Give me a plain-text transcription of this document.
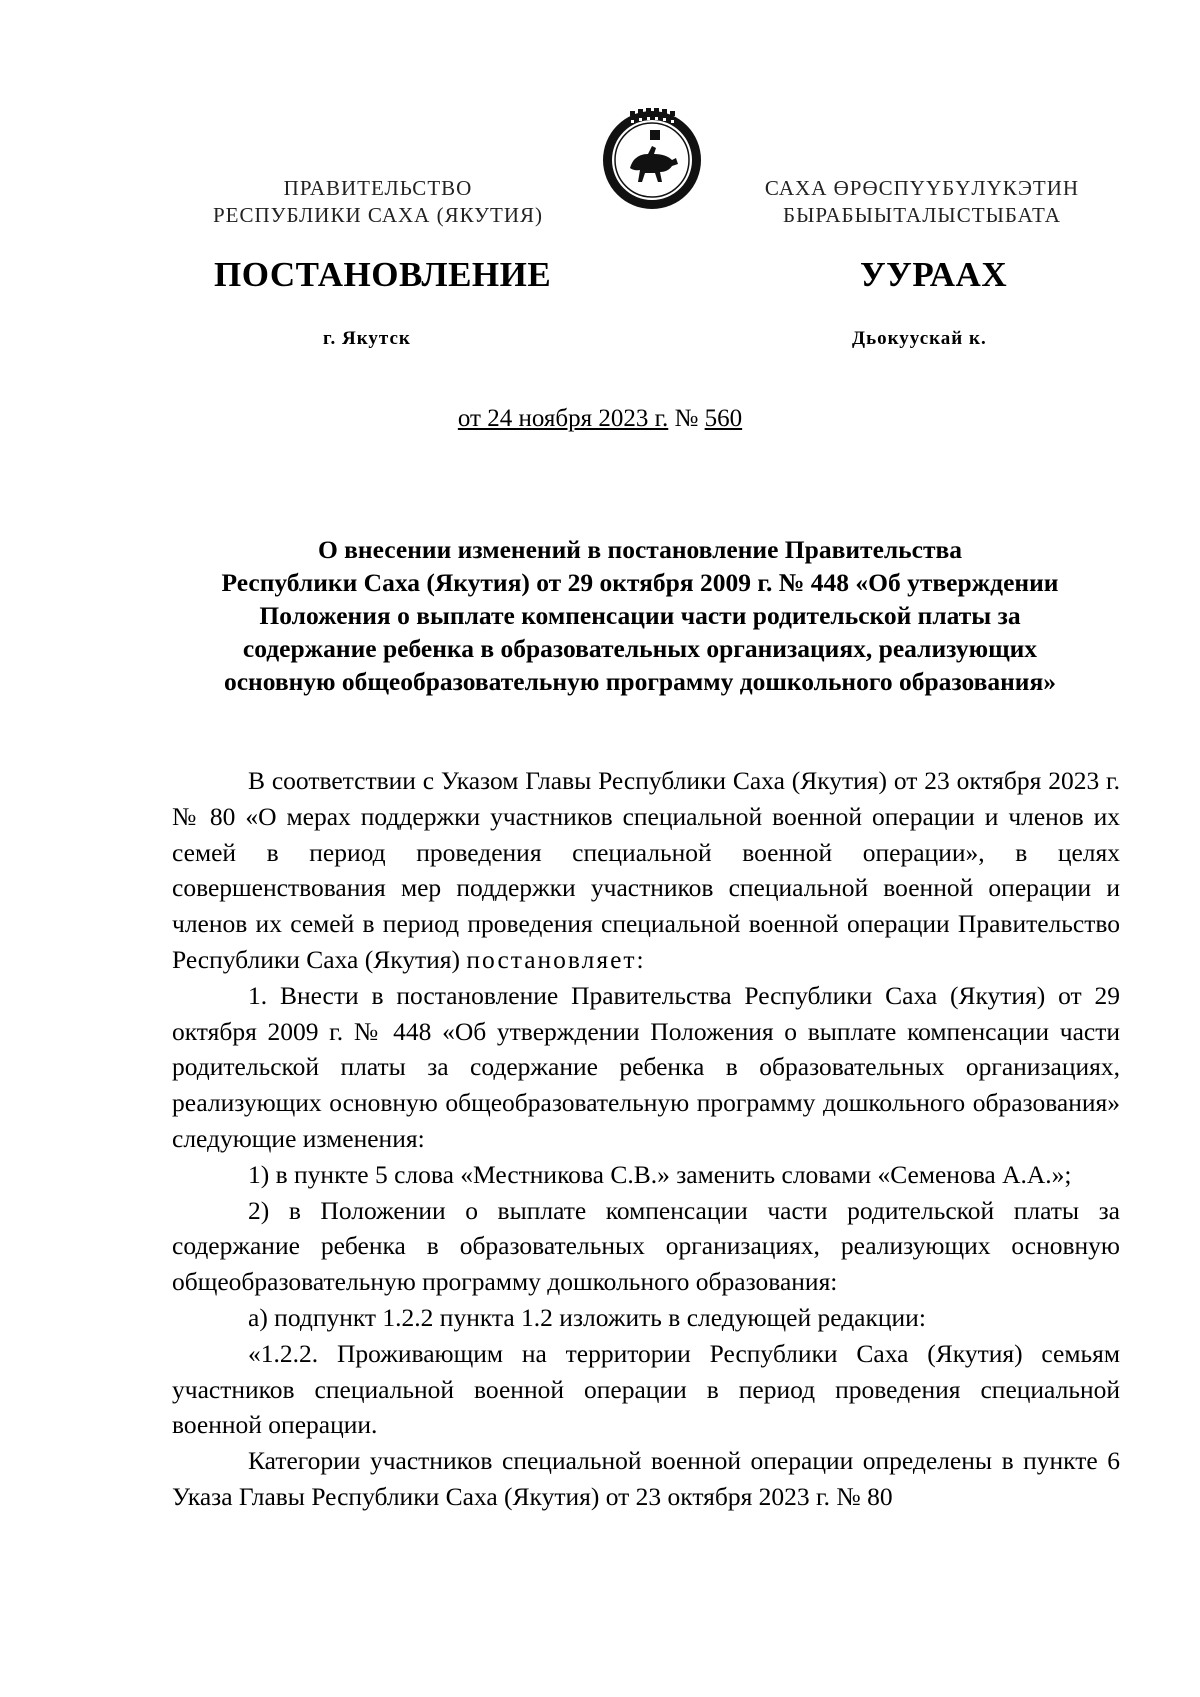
ПРАВИТЕЛЬСТВО
РЕСПУБЛИКИ САХА (ЯКУТИЯ)
САХА ӨРӨСПҮҮБҮЛҮКЭТИН
БЫРАБЫЫТАЛЫСТЫБАТА
ПОСТАНОВЛЕНИЕ	УУРААХ
г. Якутск	Дьокуускай к.
от 24 ноября 2023 г. № 560
О внесении изменений в постановление Правительства
Республики Саха (Якутия) от 29 октября 2009 г. № 448 «Об утверждении
Положения о выплате компенсации части родительской платы за
содержание ребенка в образовательных организациях, реализующих
основную общеобразовательную программу дошкольного образования»

В соответствии с Указом Главы Республики Саха (Якутия) от 23 октября 2023 г. № 80 «О мерах поддержки участников специальной военной операции и членов их семей в период проведения специальной военной операции», в целях совершенствования мер поддержки участников специальной военной операции и членов их семей в период проведения специальной военной операции Правительство Республики Саха (Якутия) постановляет:

1. Внести в постановление Правительства Республики Саха (Якутия) от 29 октября 2009 г. № 448 «Об утверждении Положения о выплате компенсации части родительской платы за содержание ребенка в образовательных организациях, реализующих основную общеобразовательную программу дошкольного образования» следующие изменения:

1) в пункте 5 слова «Местникова С.В.» заменить словами «Семенова А.А.»;

2) в Положении о выплате компенсации части родительской платы за содержание ребенка в образовательных организациях, реализующих основную общеобразовательную программу дошкольного образования:

а) подпункт 1.2.2 пункта 1.2 изложить в следующей редакции:

«1.2.2. Проживающим на территории Республики Саха (Якутия) семьям участников специальной военной операции в период проведения специальной военной операции.

Категории участников специальной военной операции определены в пункте 6 Указа Главы Республики Саха (Якутия) от 23 октября 2023 г. № 80
